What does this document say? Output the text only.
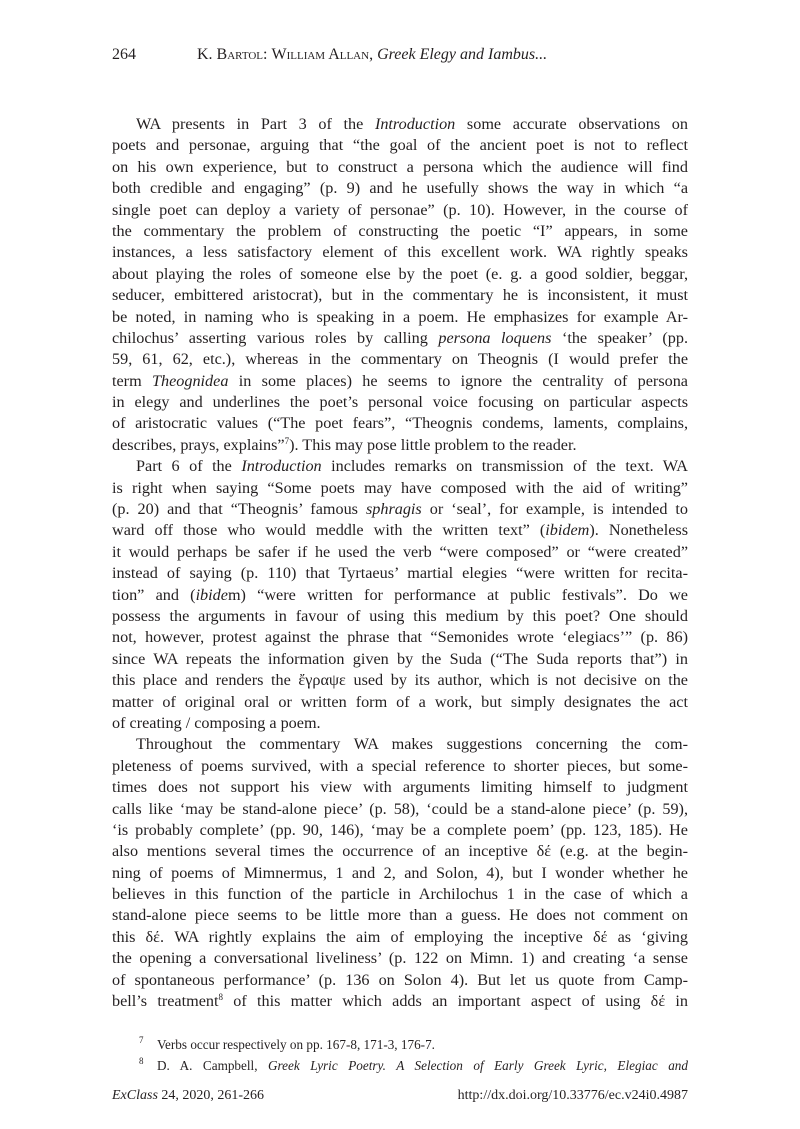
264	K. Bartol: William Allan, Greek Elegy and Iambus...
WA presents in Part 3 of the Introduction some accurate observations on
poets and personae, arguing that “the goal of the ancient poet is not to reflect
on his own experience, but to construct a persona which the audience will find
both credible and engaging” (p. 9) and he usefully shows the way in which “a
single poet can deploy a variety of personae” (p. 10). However, in the course of
the commentary the problem of constructing the poetic “I” appears, in some
instances, a less satisfactory element of this excellent work. WA rightly speaks
about playing the roles of someone else by the poet (e. g. a good soldier, beggar,
seducer, embittered aristocrat), but in the commentary he is inconsistent, it must
be noted, in naming who is speaking in a poem. He emphasizes for example Ar-
chilochus’ asserting various roles by calling persona loquens ‘the speaker’ (pp.
59, 61, 62, etc.), whereas in the commentary on Theognis (I would prefer the
term Theognidea in some places) he seems to ignore the centrality of persona
in elegy and underlines the poet’s personal voice focusing on particular aspects
of aristocratic values (“The poet fears”, “Theognis condems, laments, complains,
describes, prays, explains”$^7$). This may pose little problem to the reader.
Part 6 of the Introduction includes remarks on transmission of the text. WA
is right when saying “Some poets may have composed with the aid of writing”
(p. 20) and that “Theognis’ famous sphragis or ‘seal’, for example, is intended to
ward off those who would meddle with the written text” (ibidem). Nonetheless
it would perhaps be safer if he used the verb “were composed” or “were created”
instead of saying (p. 110) that Tyrtaeus’ martial elegies “were written for recita-
tion” and (ibidem) “were written for performance at public festivals”. Do we
possess the arguments in favour of using this medium by this poet? One should
not, however, protest against the phrase that “Semonides wrote ‘elegiacs’” (p. 86)
since WA repeats the information given by the Suda (“The Suda reports that”) in
this place and renders the ἔγραψε used by its author, which is not decisive on the
matter of original oral or written form of a work, but simply designates the act
of creating / composing a poem.
Throughout the commentary WA makes suggestions concerning the com-
pleteness of poems survived, with a special reference to shorter pieces, but some-
times does not support his view with arguments limiting himself to judgment
calls like ‘may be stand-alone piece’ (p. 58), ‘could be a stand-alone piece’ (p. 59),
‘is probably complete’ (pp. 90, 146), ‘may be a complete poem’ (pp. 123, 185). He
also mentions several times the occurrence of an inceptive δέ (e.g. at the begin-
ning of poems of Mimnermus, 1 and 2, and Solon, 4), but I wonder whether he
believes in this function of the particle in Archilochus 1 in the case of which a
stand-alone piece seems to be little more than a guess. He does not comment on
this δέ. WA rightly explains the aim of employing the inceptive δέ as ‘giving
the opening a conversational liveliness’ (p. 122 on Mimn. 1) and creating ‘a sense
of spontaneous performance’ (p. 136 on Solon 4). But let us quote from Camp-
bell’s treatment$^8$ of this matter which adds an important aspect of using δέ in
7 Verbs occur respectively on pp. 167-8, 171-3, 176-7.
8 D. A. Campbell, Greek Lyric Poetry. A Selection of Early Greek Lyric, Elegiac and
ExClass 24, 2020, 261-266	http://dx.doi.org/10.33776/ec.v24i0.4987
